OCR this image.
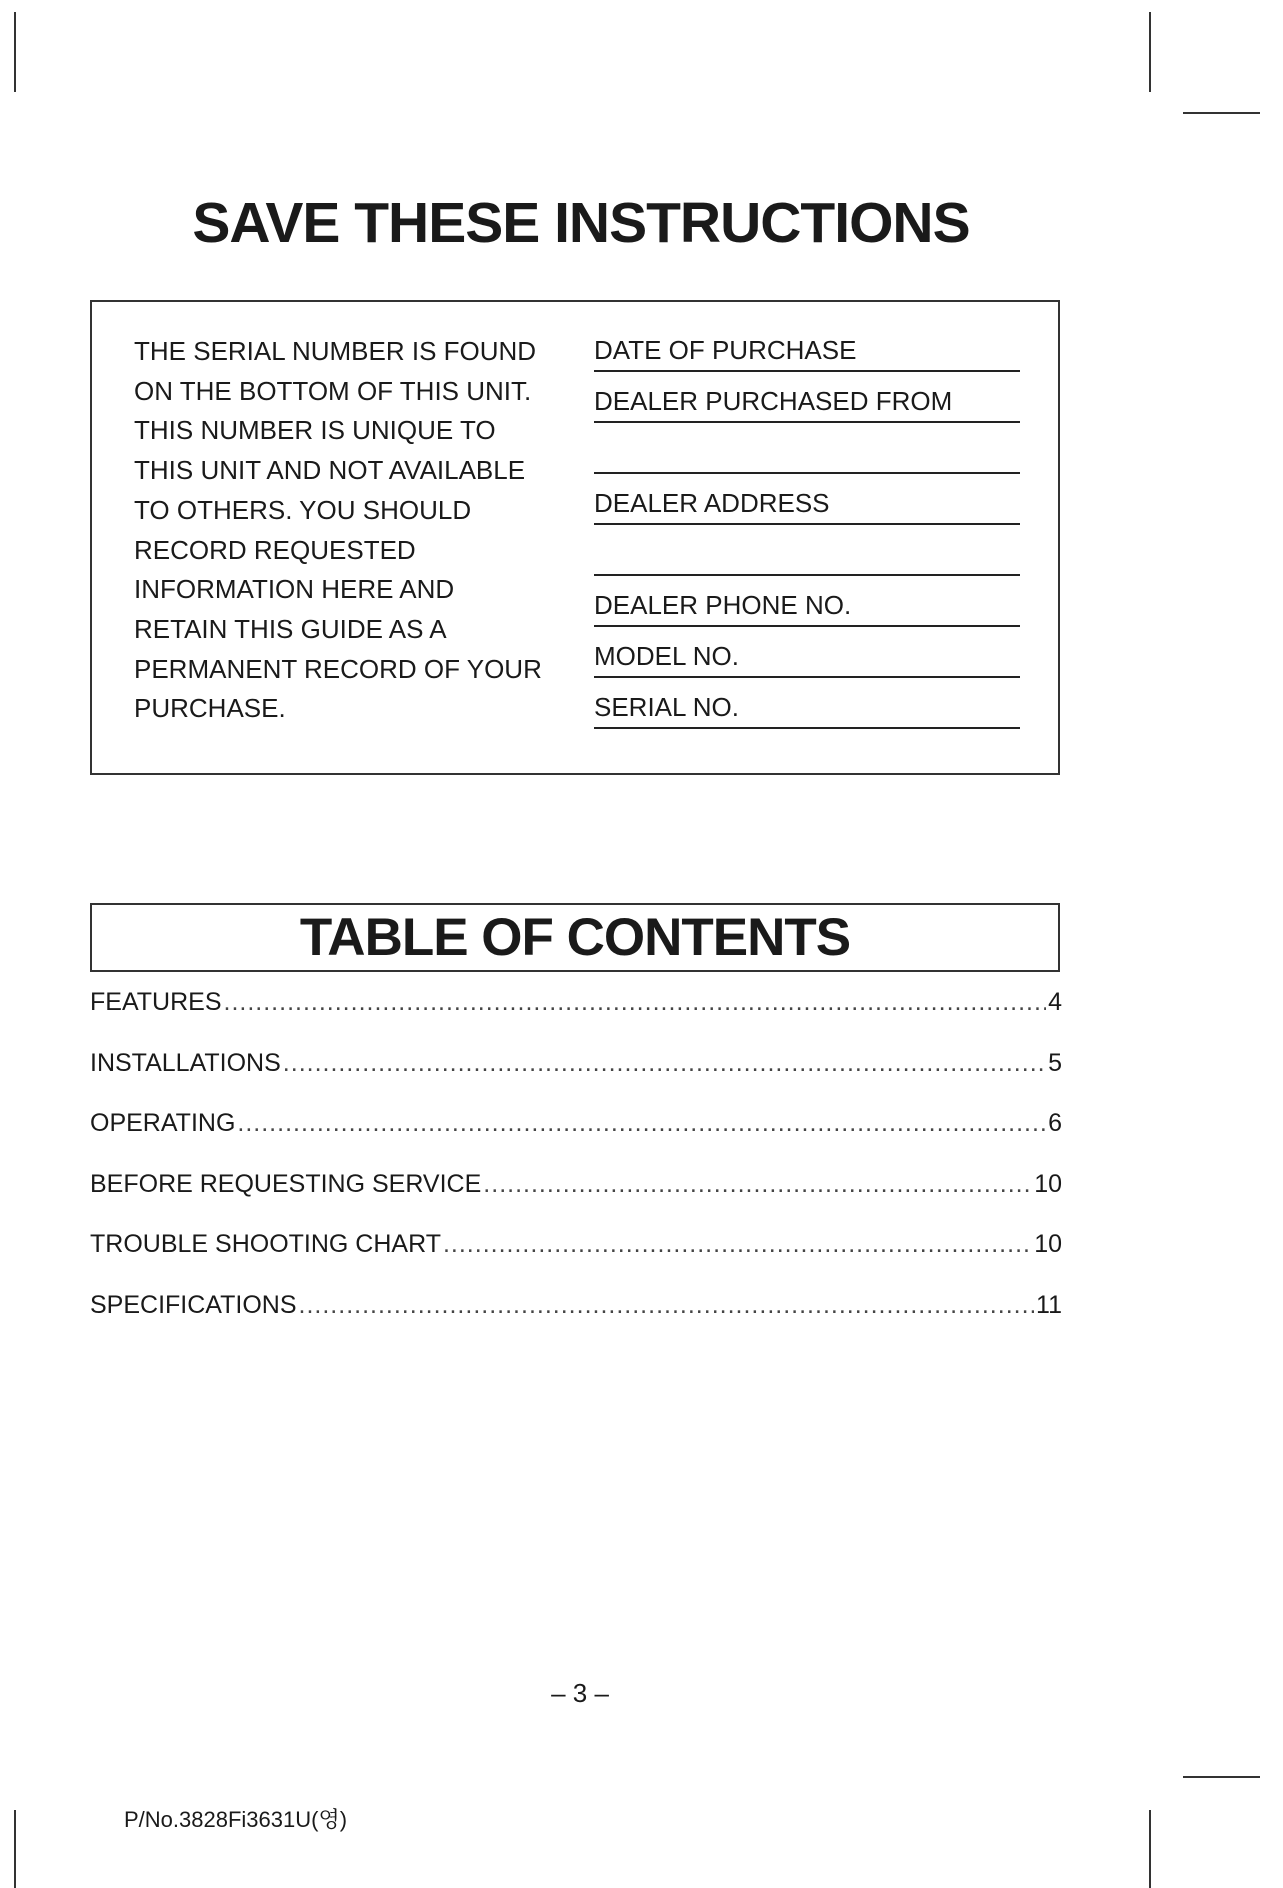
SAVE THESE INSTRUCTIONS

THE SERIAL NUMBER IS FOUND
ON THE BOTTOM OF THIS UNIT.
THIS NUMBER IS UNIQUE TO
THIS UNIT AND NOT AVAILABLE
TO OTHERS. YOU SHOULD
RECORD REQUESTED
INFORMATION HERE AND
RETAIN THIS GUIDE AS A
PERMANENT RECORD OF YOUR
PURCHASE.

DATE OF PURCHASE
DEALER PURCHASED FROM
DEALER ADDRESS
DEALER PHONE NO.
MODEL NO.
SERIAL NO.
TABLE OF CONTENTS
FEATURES .....	4
INSTALLATIONS .....	5
OPERATING .....	6
BEFORE REQUESTING SERVICE .....	10
TROUBLE SHOOTING CHART .....	10
SPECIFICATIONS .....	11

– 3 –

P/No.3828Fi3631U(영)
